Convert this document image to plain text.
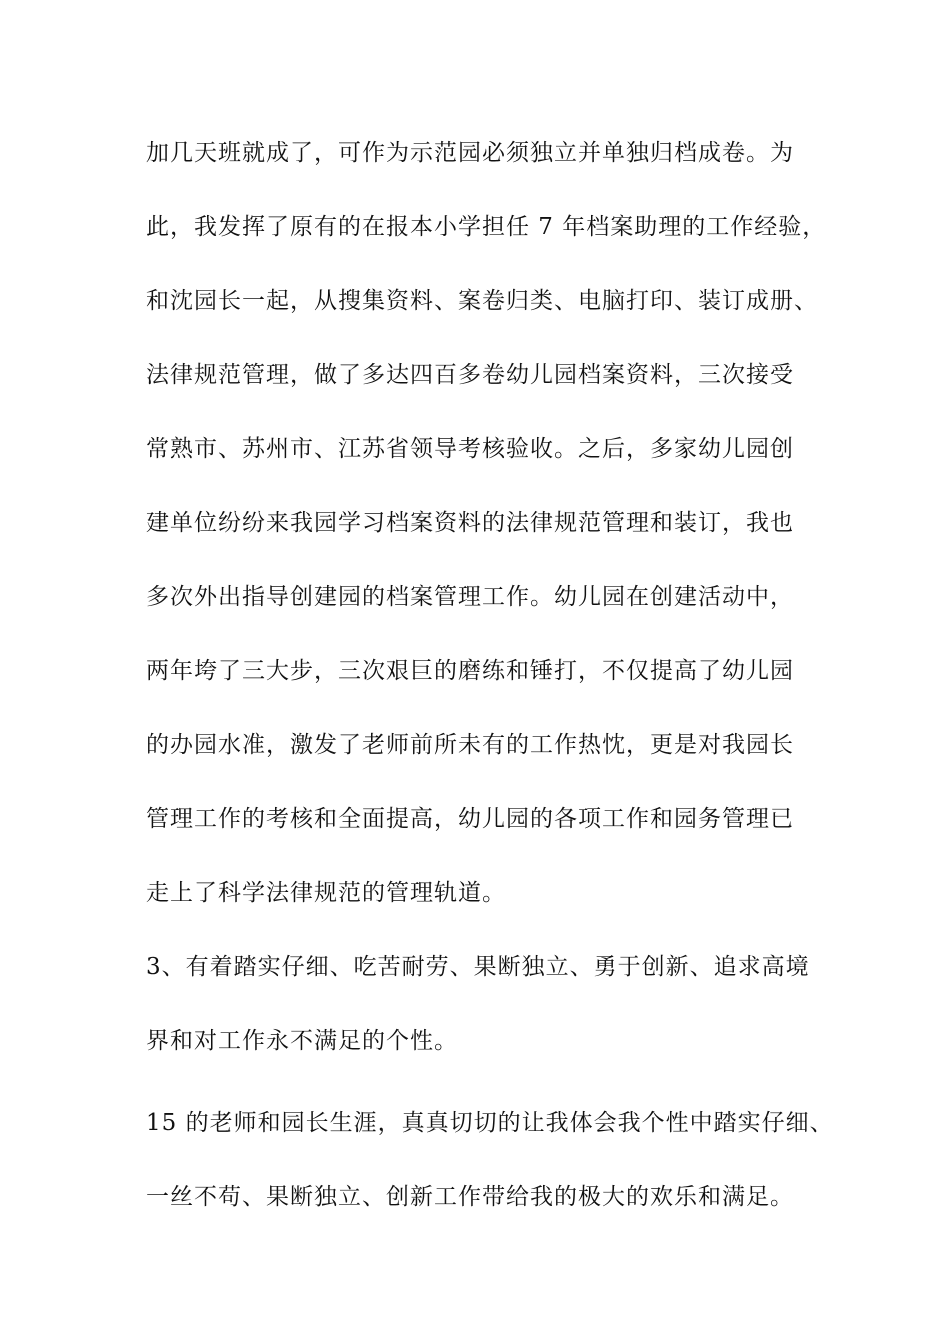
加几天班就成了，可作为示范园必须独立并单独归档成卷。为
此，我发挥了原有的在报本小学担任 7 年档案助理的工作经验，
和沈园长一起，从搜集资料、案卷归类、电脑打印、装订成册、
法律规范管理，做了多达四百多卷幼儿园档案资料，三次接受
常熟市、苏州市、江苏省领导考核验收。之后，多家幼儿园创
建单位纷纷来我园学习档案资料的法律规范管理和装订，我也
多次外出指导创建园的档案管理工作。幼儿园在创建活动中，
两年垮了三大步，三次艰巨的磨练和锤打，不仅提高了幼儿园
的办园水准，激发了老师前所未有的工作热忱，更是对我园长
管理工作的考核和全面提高，幼儿园的各项工作和园务管理已
走上了科学法律规范的管理轨道。
3、有着踏实仔细、吃苦耐劳、果断独立、勇于创新、追求高境
界和对工作永不满足的个性。
15 的老师和园长生涯，真真切切的让我体会我个性中踏实仔细、
一丝不苟、果断独立、创新工作带给我的极大的欢乐和满足。
